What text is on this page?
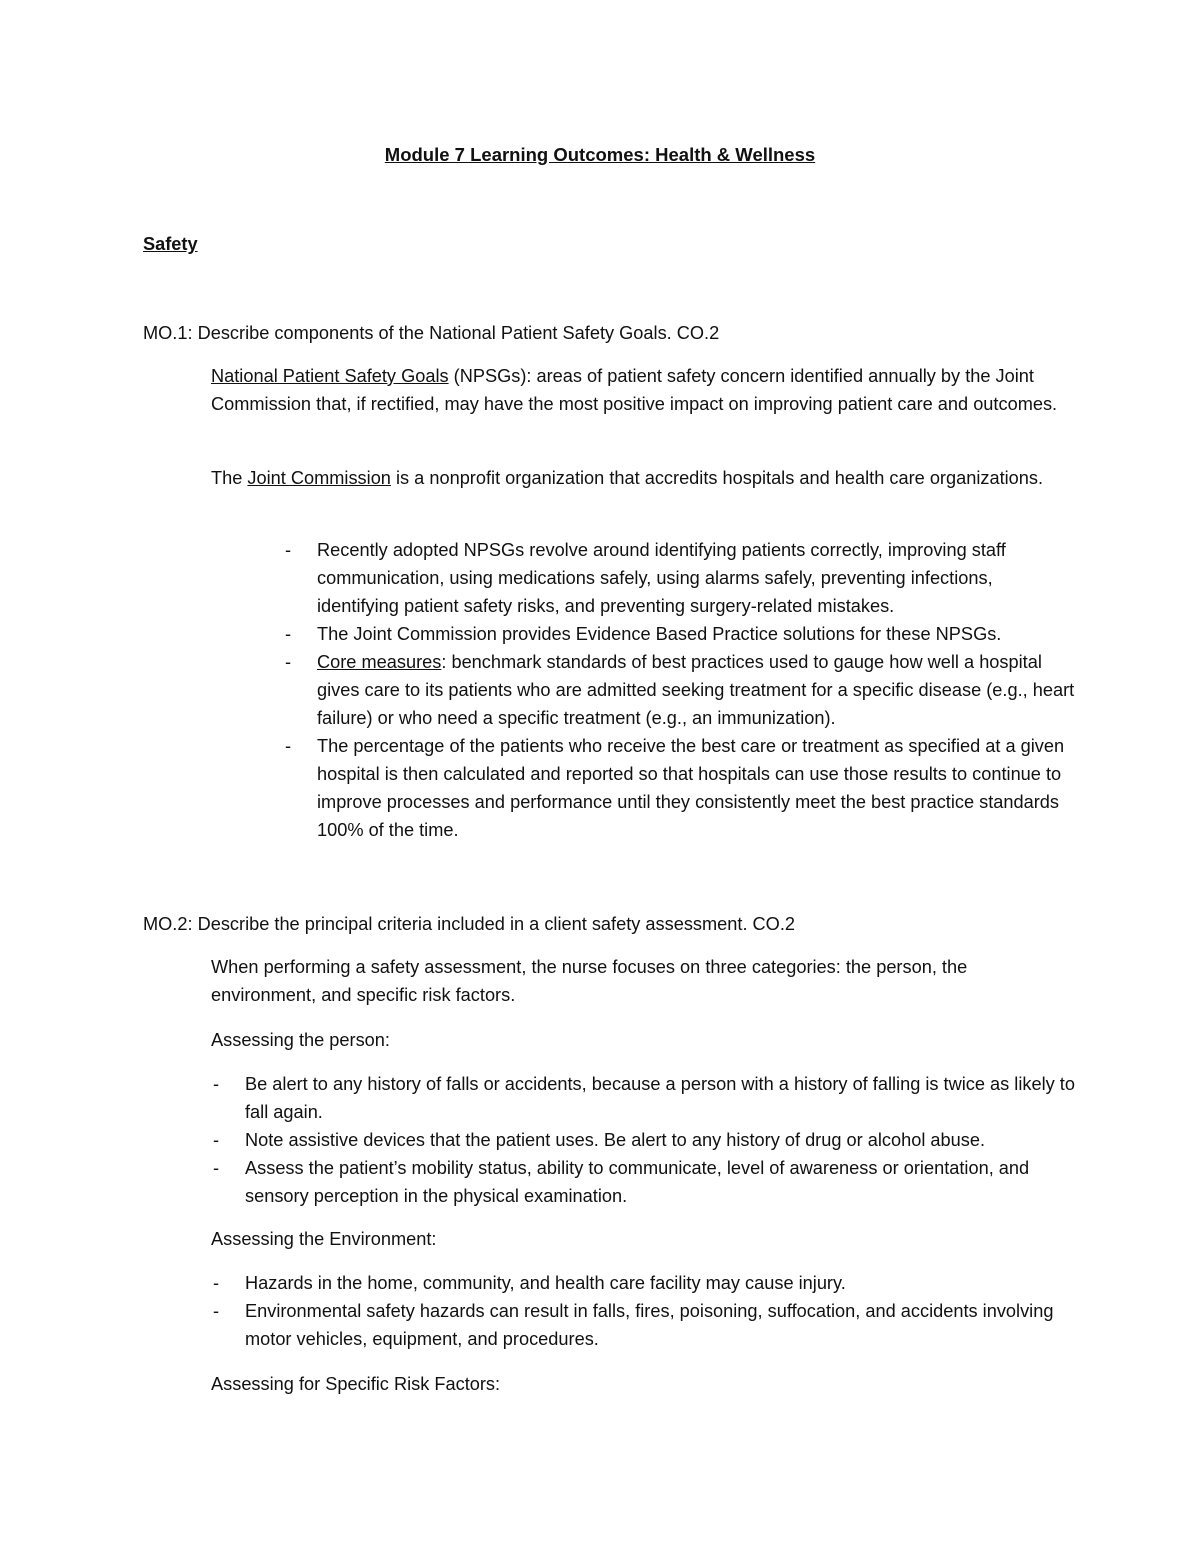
Module 7 Learning Outcomes: Health & Wellness
Safety
MO.1: Describe components of the National Patient Safety Goals. CO.2

National Patient Safety Goals (NPSGs): areas of patient safety concern identified annually by the Joint Commission that, if rectified, may have the most positive impact on improving patient care and outcomes.

The Joint Commission is a nonprofit organization that accredits hospitals and health care organizations.

- Recently adopted NPSGs revolve around identifying patients correctly, improving staff communication, using medications safely, using alarms safely, preventing infections, identifying patient safety risks, and preventing surgery-related mistakes.
- The Joint Commission provides Evidence Based Practice solutions for these NPSGs.
- Core measures: benchmark standards of best practices used to gauge how well a hospital gives care to its patients who are admitted seeking treatment for a specific disease (e.g., heart failure) or who need a specific treatment (e.g., an immunization).
- The percentage of the patients who receive the best care or treatment as specified at a given hospital is then calculated and reported so that hospitals can use those results to continue to improve processes and performance until they consistently meet the best practice standards 100% of the time.
MO.2: Describe the principal criteria included in a client safety assessment. CO.2

When performing a safety assessment, the nurse focuses on three categories: the person, the environment, and specific risk factors.

Assessing the person:

- Be alert to any history of falls or accidents, because a person with a history of falling is twice as likely to fall again.
- Note assistive devices that the patient uses. Be alert to any history of drug or alcohol abuse.
- Assess the patient’s mobility status, ability to communicate, level of awareness or orientation, and sensory perception in the physical examination.

Assessing the Environment:

- Hazards in the home, community, and health care facility may cause injury.
- Environmental safety hazards can result in falls, fires, poisoning, suffocation, and accidents involving motor vehicles, equipment, and procedures.

Assessing for Specific Risk Factors:
